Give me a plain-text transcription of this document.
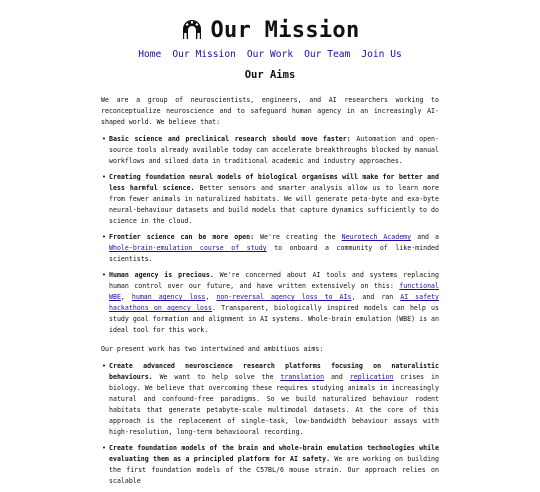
Our Mission
Home Our Mission Our Work Our Team Join Us
Our Aims

We are a group of neuroscientists, engineers, and AI researchers working to reconceptualize neuroscience and to safeguard human agency in an increasingly AI-shaped world. We believe that:

• Basic science and preclinical research should move faster: Automation and open-source tools already available today can accelerate breakthroughs blocked by manual workflows and siloed data in traditional academic and industry approaches.
• Creating foundation neural models of biological organisms will make for better and less harmful science. Better sensors and smarter analysis allow us to learn more from fewer animals in naturalized habitats. We will generate peta-byte and exa-byte neural-behaviour datasets and build models that capture dynamics sufficiently to do science in the cloud.
• Frontier science can be more open: We're creating the Neurotech Academy and a Whole-brain-emulation course of study to onboard a community of like-minded scientists.
• Human agency is precious. We're concerned about AI tools and systems replacing human control over our future, and have written extensively on this: functional WBE, human agency loss, non-reversal agency loss to AIs, and ran AI safety hackathons on agency loss. Transparent, biologically inspired models can help us study goal formation and alignment in AI systems. Whole-brain emulation (WBE) is an ideal tool for this work.

Our present work has two intertwined and ambitiuos aims:

• Create advanced neuroscience research platforms focusing on naturalistic behaviours. We want to help solve the translation and replication crises in biology. We believe that overcoming these requires studying animals in increasingly natural and confound-free paradigms. So we build naturalized behaviour rodent habitats that generate petabyte-scale multimodal datasets. At the core of this approach is the replacement of single-task, low-bandwidth behaviour assays with high-resolution, long-term behavioural recording.
• Create foundation models of the brain and whole-brain emulation technologies while evaluating them as a principled platform for AI safety. We are working on building the first foundation models of the C57BL/6 mouse strain. Our approach relies on scalable
